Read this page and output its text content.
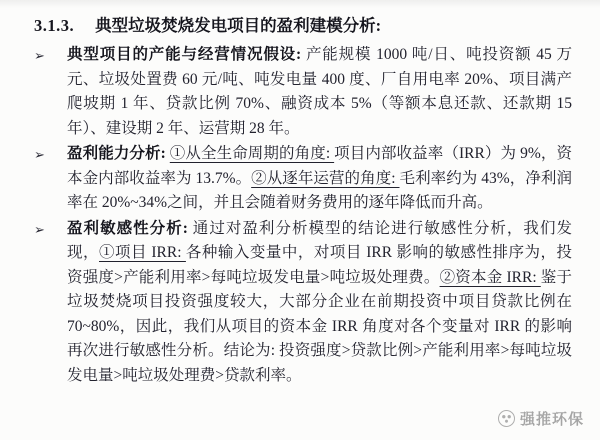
3.1.3. 典型垃圾焚烧发电项目的盈利建模分析:
➢	典型项目的产能与经营情况假设: 产能规模 1000 吨/日、吨投资额 45 万元、垃圾处置费 60 元/吨、吨发电量 400 度、厂自用电率 20%、项目满产爬坡期 1 年、贷款比例 70%、融资成本 5%（等额本息还款、还款期 15 年）、建设期 2 年、运营期 28 年。

➢	盈利能力分析: ①从全生命周期的角度: 项目内部收益率（IRR）为 9%，资本金内部收益率为 13.7%。②从逐年运营的角度: 毛利率约为 43%，净利润率在 20%~34%之间，并且会随着财务费用的逐年降低而升高。

➢	盈利敏感性分析: 通过对盈利分析模型的结论进行敏感性分析，我们发现，①项目 IRR: 各种输入变量中，对项目 IRR 影响的敏感性排序为，投资强度>产能利用率>每吨垃圾发电量>吨垃圾处理费。②资本金 IRR: 鉴于垃圾焚烧项目投资强度较大，大部分企业在前期投资中项目贷款比例在 70~80%，因此，我们从项目的资本金 IRR 角度对各个变量对 IRR 的影响再次进行敏感性分析。结论为: 投资强度>贷款比例>产能利用率>每吨垃圾发电量>吨垃圾处理费>贷款利率。

强推环保
